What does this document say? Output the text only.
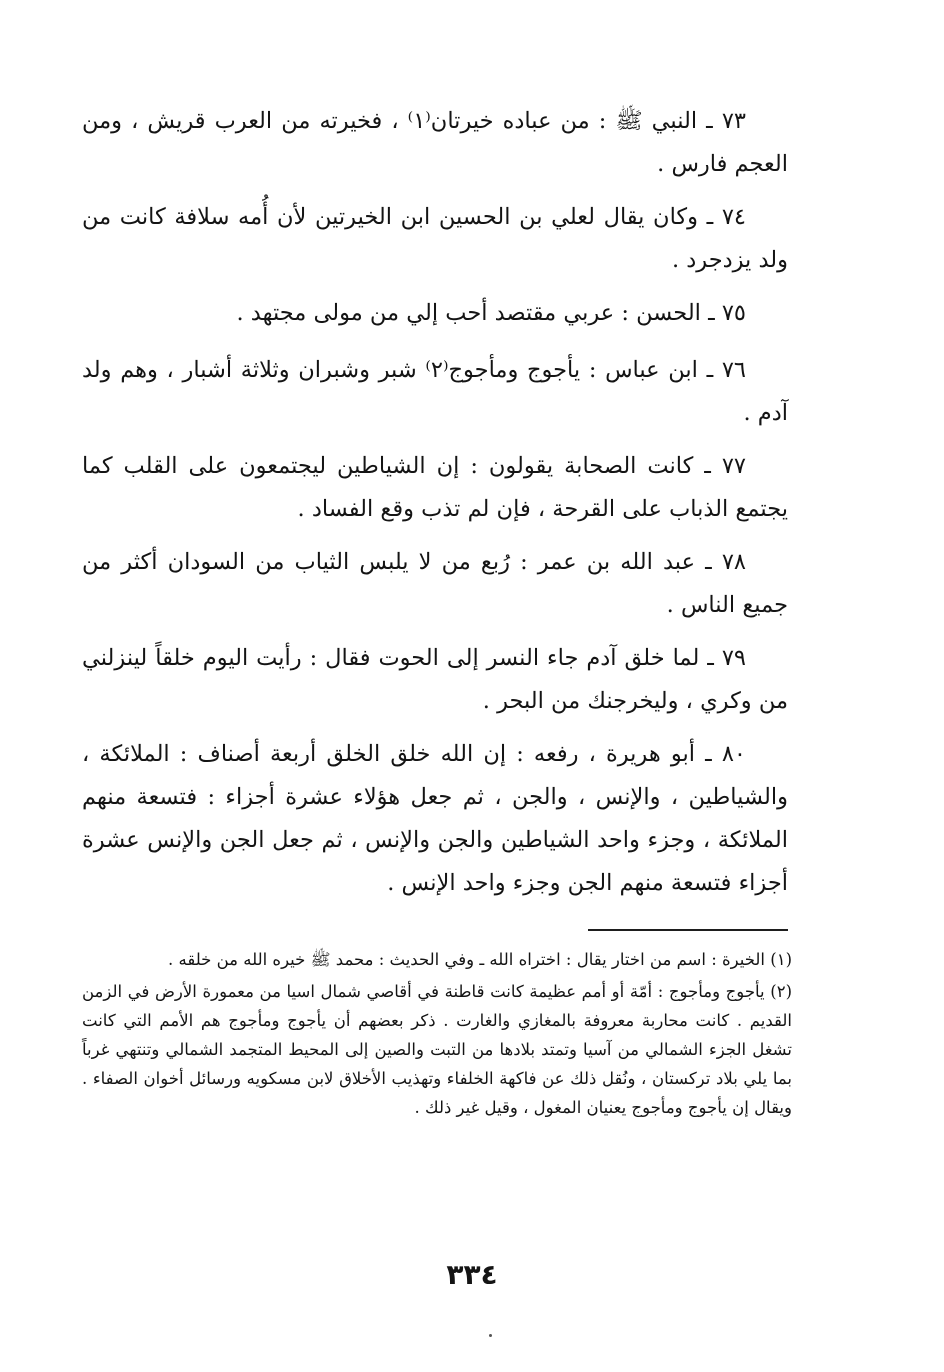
٧٣ ـ النبي ﷺ : من عباده خيرتان⁽١⁾ ، فخيرته من العرب قريش ، ومن العجم فارس .

٧٤ ـ وكان يقال لعلي بن الحسين ابن الخيرتين لأن أُمه سلافة كانت من ولد يزدجرد .

٧٥ ـ الحسن : عربي مقتصد أحب إلي من مولى مجتهد .

٧٦ ـ ابن عباس : يأجوج ومأجوج⁽٢⁾ شبر وشبران وثلاثة أشبار ، وهم ولد آدم .

٧٧ ـ كانت الصحابة يقولون : إن الشياطين ليجتمعون على القلب كما يجتمع الذباب على القرحة ، فإن لم تذب وقع الفساد .

٧٨ ـ عبد الله بن عمر : رُبع من لا يلبس الثياب من السودان أكثر من جميع الناس .

٧٩ ـ لما خلق آدم جاء النسر إلى الحوت فقال : رأيت اليوم خلقاً لينزلني من وكري ، وليخرجنك من البحر .

٨٠ ـ أبو هريرة ، رفعه : إن الله خلق الخلق أربعة أصناف : الملائكة ، والشياطين ، والإنس ، والجن ، ثم جعل هؤلاء عشرة أجزاء : فتسعة منهم الملائكة ، وجزء واحد الشياطين والجن والإنس ، ثم جعل الجن والإنس عشرة أجزاء فتسعة منهم الجن وجزء واحد الإنس .

(١) الخيرة : اسم من اختار يقال : اختراه الله ـ وفي الحديث : محمد ﷺ خيره الله من خلقه .

(٢) يأجوج ومأجوج : أمّة أو أمم عظيمة كانت قاطنة في أقاصي شمال اسيا من معمورة الأرض في الزمن القديم . كانت محاربة معروفة بالمغازي والغارت . ذكر بعضهم أن يأجوج ومأجوج هم الأمم التي كانت تشغل الجزء الشمالي من آسيا وتمتد بلادها من التبت والصين إلى المحيط المتجمد الشمالي وتنتهي غرباً بما يلي بلاد تركستان ، ونُقل ذلك عن فاكهة الخلفاء وتهذيب الأخلاق لابن مسكويه ورسائل أخوان الصفاء . ويقال إن يأجوج ومأجوج يعنيان المغول ، وقيل غير ذلك .

٣٣٤
